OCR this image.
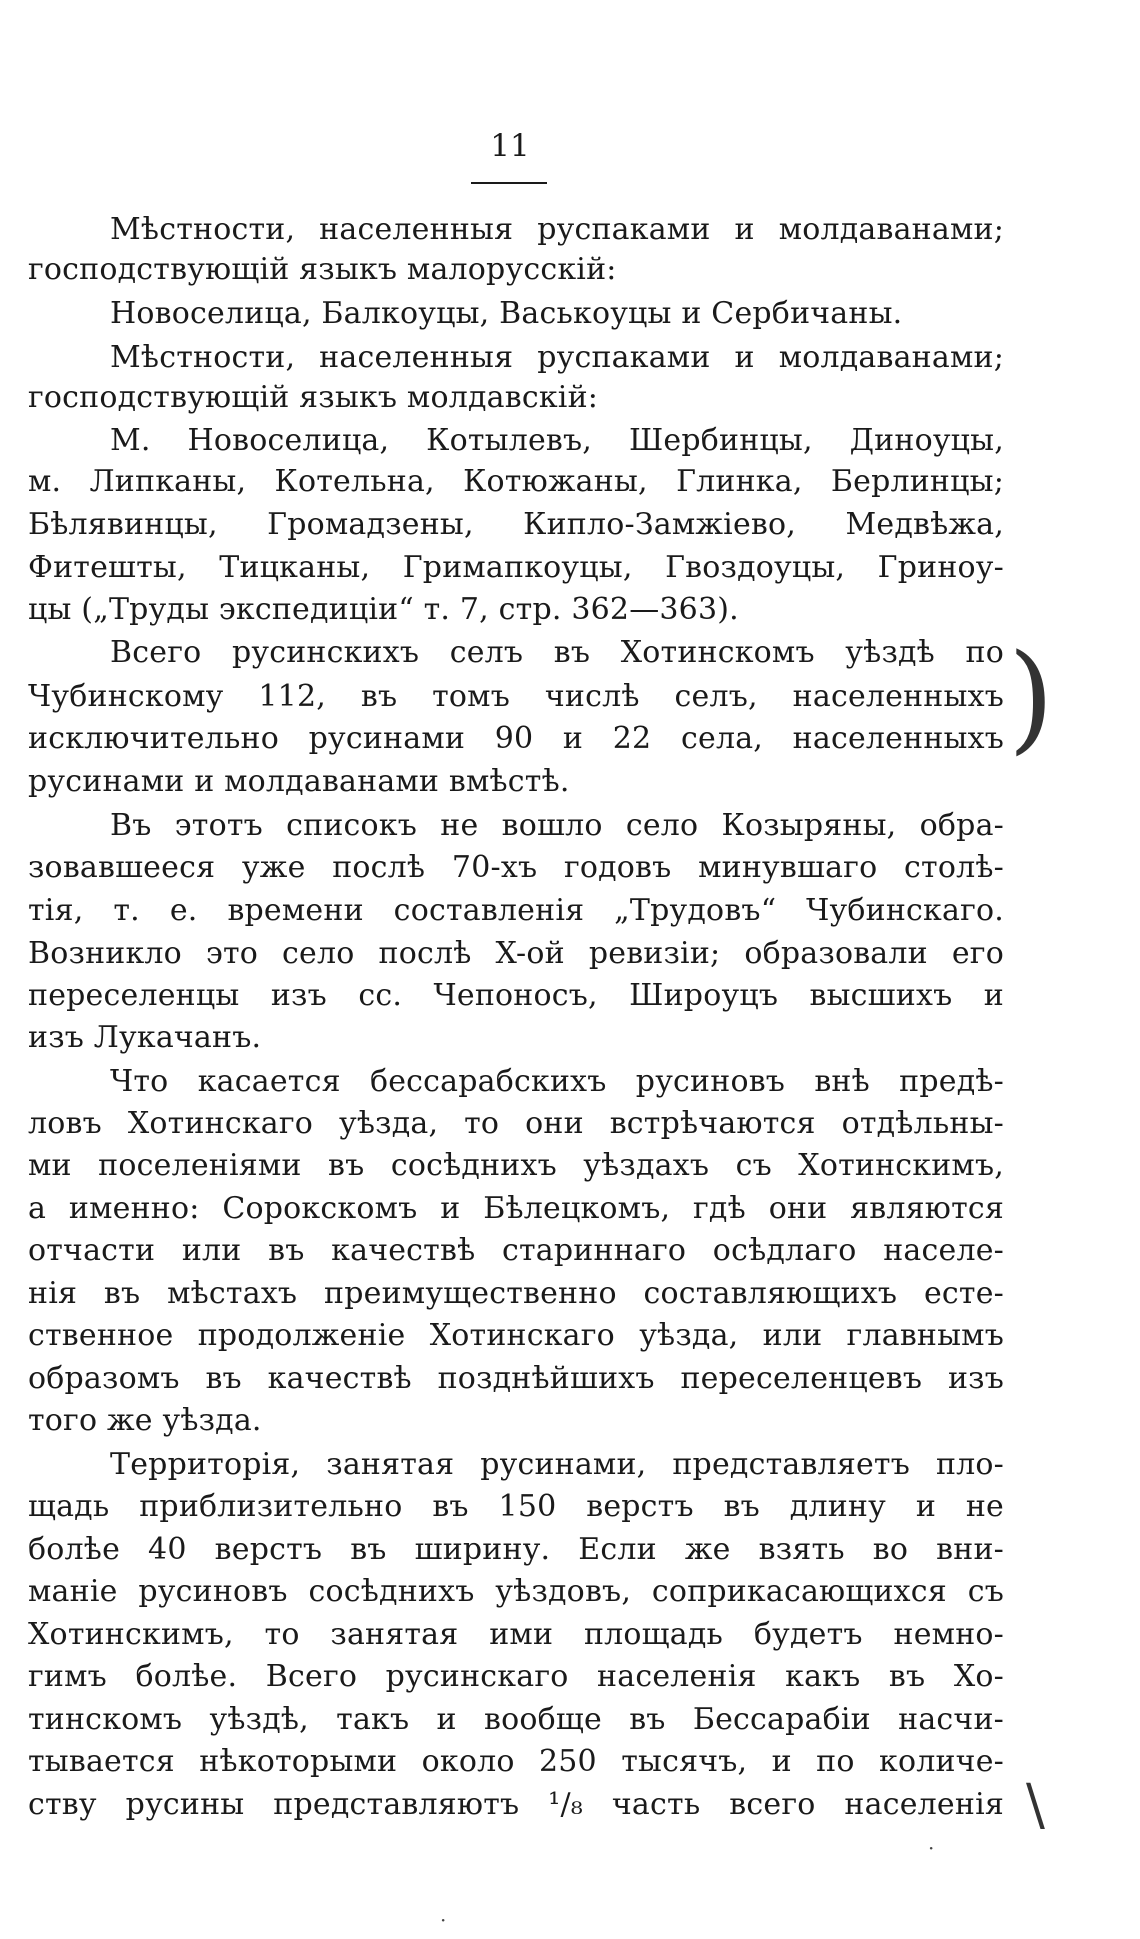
11
Мѣстности, населенныя руспаками и молдаванами;
господствующій языкъ малорусскій:
Новоселица, Балкоуцы, Васькоуцы и Сербичаны.
Мѣстности, населенныя руспаками и молдаванами;
господствующій языкъ молдавскій:
М. Новоселица, Котылевъ, Шербинцы, Диноуцы,
м. Липканы, Котельна, Котюжаны, Глинка, Берлинцы;
Бѣлявинцы, Громадзены, Кипло-Замжіево, Медвѣжа,
Фитешты, Тицканы, Гримапкоуцы, Гвоздоуцы, Гриноу-
цы („Труды экспедиціи“ т. 7, стр. 362—363).
Всего русинскихъ селъ въ Хотинскомъ уѣздѣ по
Чубинскому 112, въ томъ числѣ селъ, населенныхъ
исключительно русинами 90 и 22 села, населенныхъ
русинами и молдаванами вмѣстѣ.
)
Въ этотъ списокъ не вошло село Козыряны, обра-
зовавшееся уже послѣ 70-хъ годовъ минувшаго столѣ-
тія, т. е. времени составленія „Трудовъ“ Чубинскаго.
Возникло это село послѣ X-ой ревизіи; образовали его
переселенцы изъ сс. Чепоносъ, Широуцъ высшихъ и
изъ Лукачанъ.
Что касается бессарабскихъ русиновъ внѣ предѣ-
ловъ Хотинскаго уѣзда, то они встрѣчаются отдѣльны-
ми поселеніями въ сосѣднихъ уѣздахъ съ Хотинскимъ,
а именно: Сорокскомъ и Бѣлецкомъ, гдѣ они являются
отчасти или въ качествѣ стариннаго осѣдлаго населе-
нія въ мѣстахъ преимущественно составляющихъ есте-
ственное продолженіе Хотинскаго уѣзда, или главнымъ
образомъ въ качествѣ позднѣйшихъ переселенцевъ изъ
того же уѣзда.
Территорія, занятая русинами, представляетъ пло-
щадь приблизительно въ 150 верстъ въ длину и не
болѣе 40 верстъ въ ширину. Если же взять во вни-
маніе русиновъ сосѣднихъ уѣздовъ, соприкасающихся съ
Хотинскимъ, то занятая ими площадь будетъ немно-
гимъ болѣе. Всего русинскаго населенія какъ въ Хо-
тинскомъ уѣздѣ, такъ и вообще въ Бессарабіи насчи-
тывается нѣкоторыми около 250 тысячъ, и по количе-
ству русины представляютъ ¹/₈ часть всего населенія \
·
·
